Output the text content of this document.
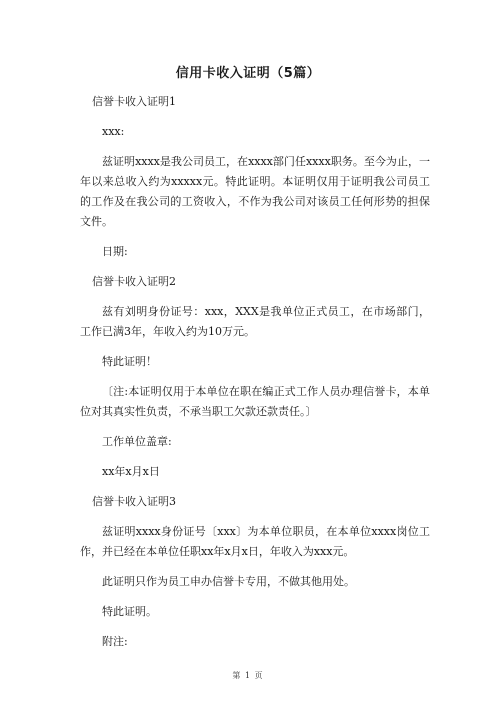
信用卡收入证明（5篇）
信誉卡收入证明1
xxx:
兹证明xxxx是我公司员工，在xxxx部门任xxxx职务。至今为止，一年以来总收入约为xxxxx元。特此证明。本证明仅用于证明我公司员工的工作及在我公司的工资收入，不作为我公司对该员工任何形势的担保文件。
日期:
信誉卡收入证明2
兹有刘明身份证号：xxx，XXX是我单位正式员工，在市场部门，工作已满3年，年收入约为10万元。
特此证明！
〔注:本证明仅用于本单位在职在编正式工作人员办理信誉卡，本单位对其真实性负责，不承当职工欠款还款责任。〕
工作单位盖章:
xx年x月x日
信誉卡收入证明3
兹证明xxxx身份证号〔xxx〕为本单位职员，在本单位xxxx岗位工作，并已经在本单位任职xx年x月x日，年收入为xxx元。
此证明只作为员工申办信誉卡专用，不做其他用处。
特此证明。
附注:
第 1 页
